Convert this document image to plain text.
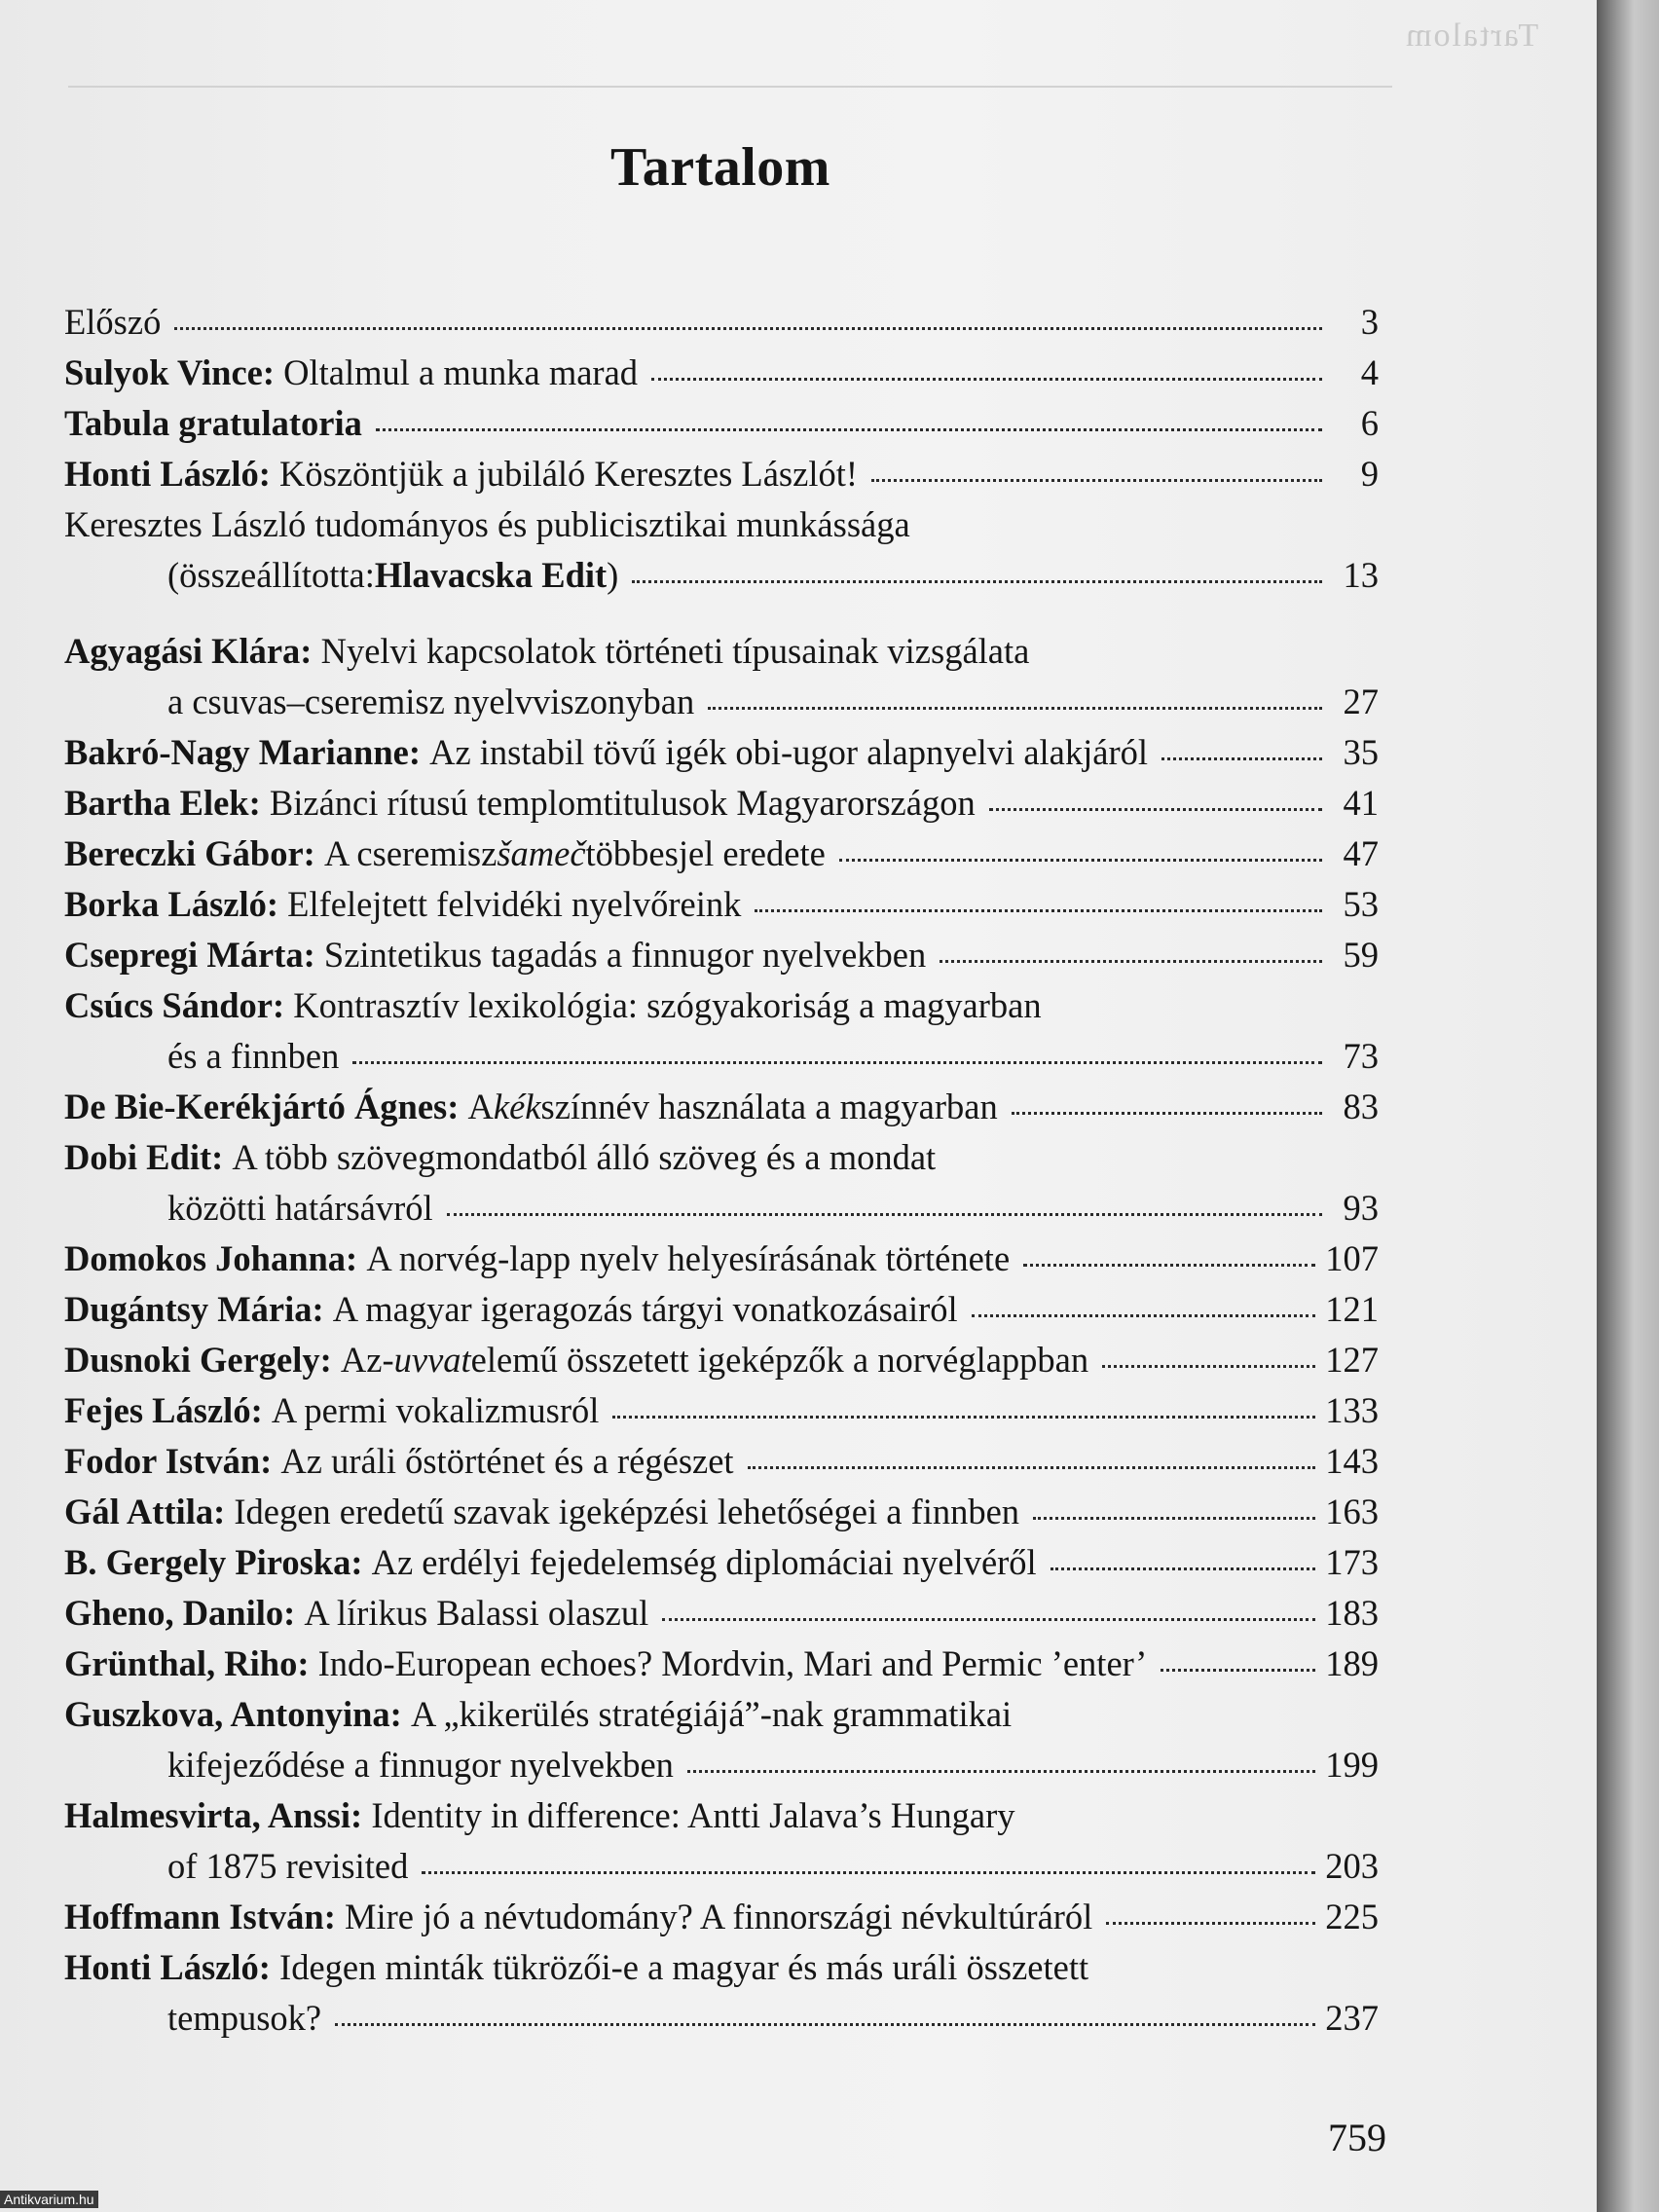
Tartalom
Tartalom
Előszó	3
Sulyok Vince:
Oltalmul a munka marad	4
Tabula gratulatoria	6
Honti László:
Köszöntjük a jubiláló Keresztes Lászlót!	9
Keresztes László tudományos és publicisztikai munkássága
(összeállította: Hlavacska Edit )	13
Agyagási Klára:
Nyelvi kapcsolatok történeti típusainak vizsgálata
a csuvas–cseremisz nyelvviszonyban	27
Bakró-Nagy Marianne:
Az instabil tövű igék obi-ugor alapnyelvi alakjáról	35
Bartha Elek:
Bizánci rítusú templomtitulusok Magyarországon	41
Bereczki Gábor:
A cseremisz šameč többesjel eredete	47
Borka László:
Elfelejtett felvidéki nyelvőreink	53
Csepregi Márta:
Szintetikus tagadás a finnugor nyelvekben	59
Csúcs Sándor:
Kontrasztív lexikológia: szógyakoriság a magyarban
és a finnben	73
De Bie-Kerékjártó Ágnes:
A kék színnév használata a magyarban	83
Dobi Edit:
A több szövegmondatból álló szöveg és a mondat
közötti határsávról	93
Domokos Johanna:
A norvég-lapp nyelv helyesírásának története	107
Dugántsy Mária:
A magyar igeragozás tárgyi vonatkozásairól	121
Dusnoki Gergely:
Az -uvvat elemű összetett igeképzők a norvéglappban	127
Fejes László:
A permi vokalizmusról	133
Fodor István:
Az uráli őstörténet és a régészet	143
Gál Attila:
Idegen eredetű szavak igeképzési lehetőségei a finnben	163
B. Gergely Piroska:
Az erdélyi fejedelemség diplomáciai nyelvéről	173
Gheno, Danilo:
A lírikus Balassi olaszul	183
Grünthal, Riho:
Indo-European echoes? Mordvin, Mari and Permic ’enter’	189
Guszkova, Antonyina:
A „kikerülés stratégiájá”-nak grammatikai
kifejeződése a finnugor nyelvekben	199
Halmesvirta, Anssi:
Identity in difference: Antti Jalava’s Hungary
of 1875 revisited	203
Hoffmann István:
Mire jó a névtudomány? A finnországi névkultúráról	225
Honti László:
Idegen minták tükrözői-e a magyar és más uráli összetett
tempusok?	237
759
Antikvarium.hu
